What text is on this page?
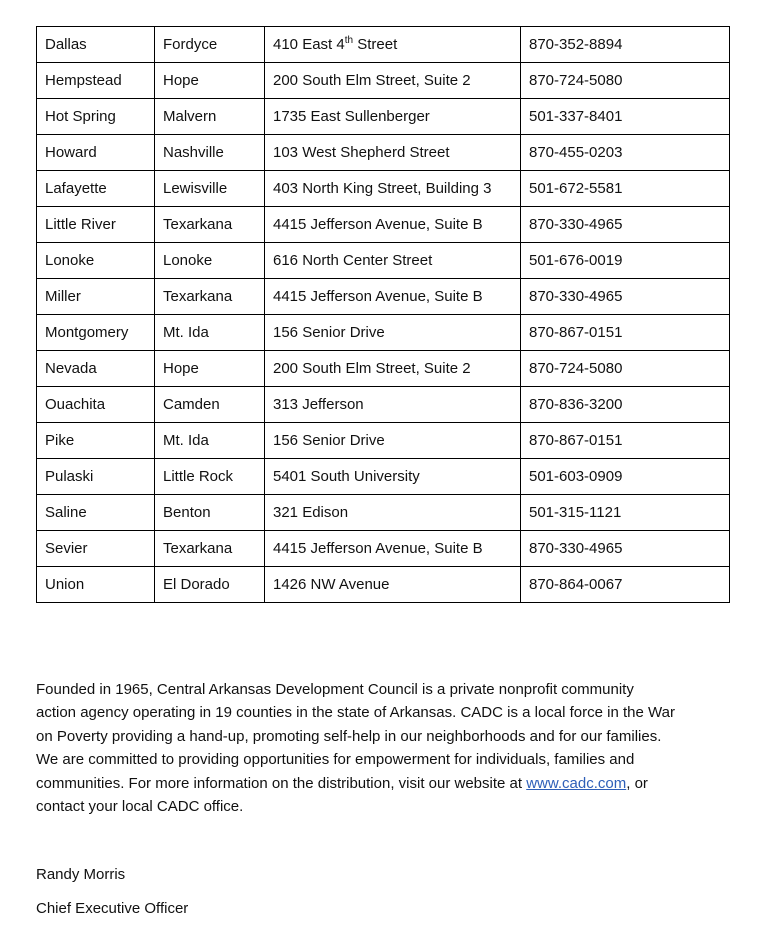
Dallas	Fordyce	410 East 4th Street	870-352-8894
Hempstead	Hope	200 South Elm Street, Suite 2	870-724-5080
Hot Spring	Malvern	1735 East Sullenberger	501-337-8401
Howard	Nashville	103 West Shepherd Street	870-455-0203
Lafayette	Lewisville	403 North King Street, Building 3	501-672-5581
Little River	Texarkana	4415 Jefferson Avenue, Suite B	870-330-4965
Lonoke	Lonoke	616 North Center Street	501-676-0019
Miller	Texarkana	4415 Jefferson Avenue, Suite B	870-330-4965
Montgomery	Mt. Ida	156 Senior Drive	870-867-0151
Nevada	Hope	200 South Elm Street, Suite 2	870-724-5080
Ouachita	Camden	313 Jefferson	870-836-3200
Pike	Mt. Ida	156 Senior Drive	870-867-0151
Pulaski	Little Rock	5401 South University	501-603-0909
Saline	Benton	321 Edison	501-315-1121
Sevier	Texarkana	4415 Jefferson Avenue, Suite B	870-330-4965
Union	El Dorado	1426 NW Avenue	870-864-0067
Founded in 1965, Central Arkansas Development Council is a private nonprofit community
action agency operating in 19 counties in the state of Arkansas. CADC is a local force in the War
on Poverty providing a hand-up, promoting self-help in our neighborhoods and for our families.
We are committed to providing opportunities for empowerment for individuals, families and
communities. For more information on the distribution, visit our website at www.cadc.com, or
contact your local CADC office.
Randy Morris
Chief Executive Officer
